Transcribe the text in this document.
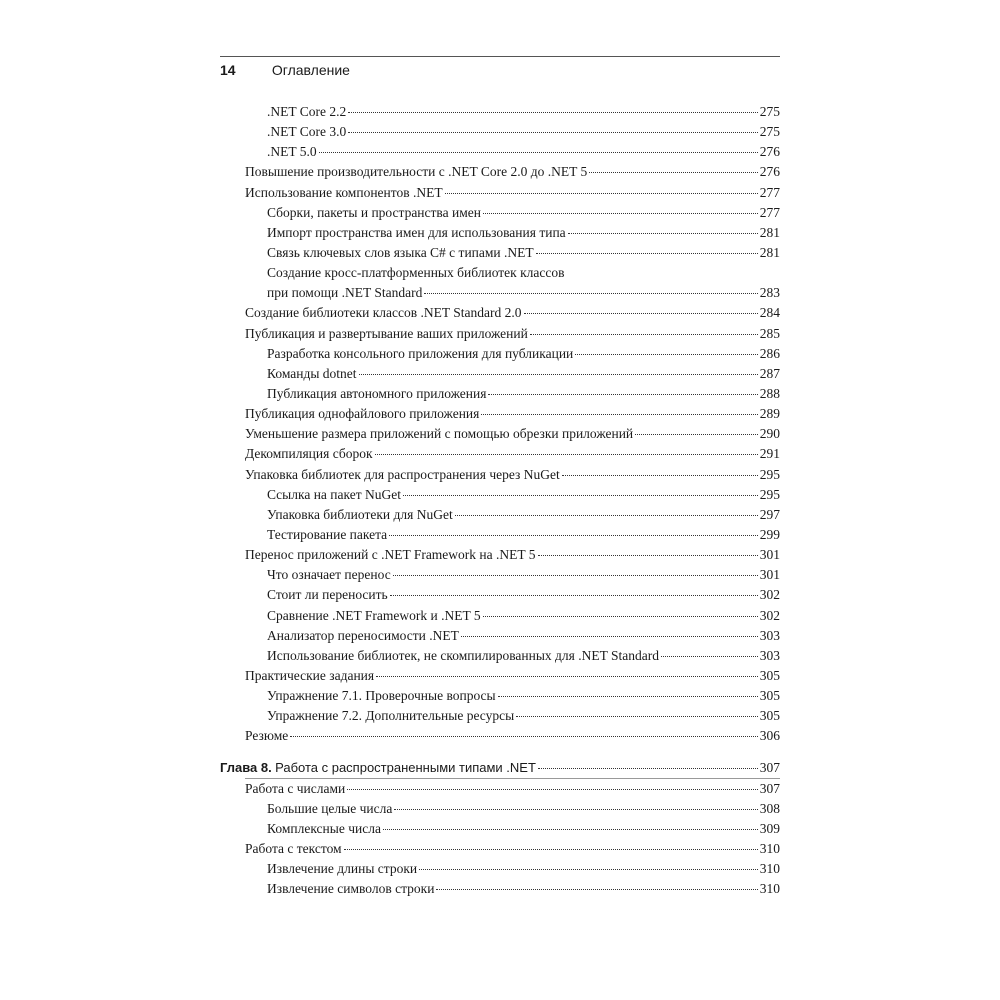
14	Оглавление
.NET Core 2.2	275
.NET Core 3.0	275
.NET 5.0	276
Повышение производительности с .NET Core 2.0 до .NET 5	276
Использование компонентов .NET	277
Сборки, пакеты и пространства имен	277
Импорт пространства имен для использования типа	281
Связь ключевых слов языка C# с типами .NET	281
Создание кросс-платформенных библиотек классов
при помощи .NET Standard	283
Создание библиотеки классов .NET Standard 2.0	284
Публикация и развертывание ваших приложений	285
Разработка консольного приложения для публикации	286
Команды dotnet	287
Публикация автономного приложения	288
Публикация однофайлового приложения	289
Уменьшение размера приложений с помощью обрезки приложений	290
Декомпиляция сборок	291
Упаковка библиотек для распространения через NuGet	295
Ссылка на пакет NuGet	295
Упаковка библиотеки для NuGet	297
Тестирование пакета	299
Перенос приложений с .NET Framework на .NET 5	301
Что означает перенос	301
Стоит ли переносить	302
Сравнение .NET Framework и .NET 5	302
Анализатор переносимости .NET	303
Использование библиотек, не скомпилированных для .NET Standard	303
Практические задания	305
Упражнение 7.1. Проверочные вопросы	305
Упражнение 7.2. Дополнительные ресурсы	305
Резюме	306
Глава 8. Работа с распространенными типами .NET	307
Работа с числами	307
Большие целые числа	308
Комплексные числа	309
Работа с текстом	310
Извлечение длины строки	310
Извлечение символов строки	310
